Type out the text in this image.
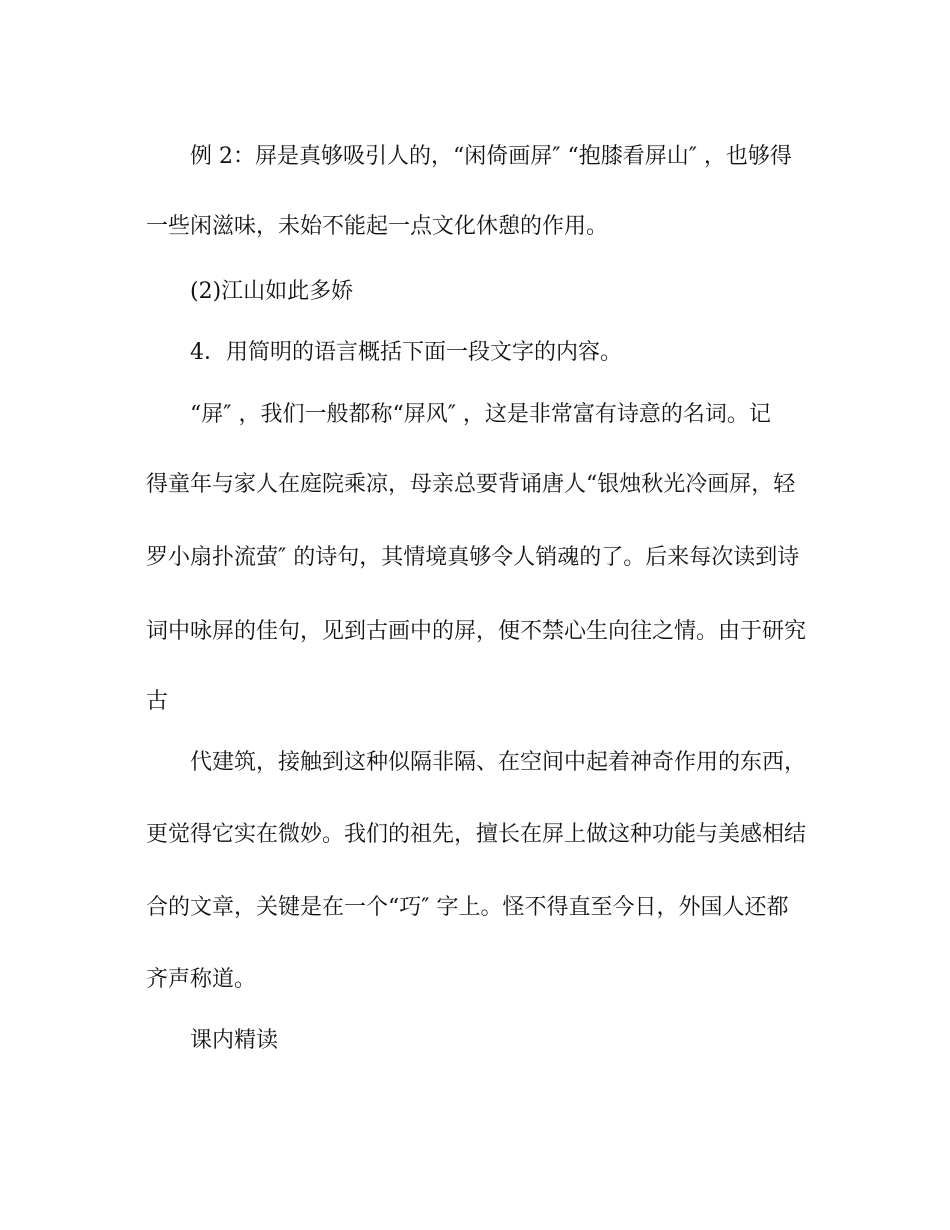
例 2：屏是真够吸引人的，“闲倚画屏″ “抱膝看屏山″ ，也够得

一些闲滋味，未始不能起一点文化休憩的作用。

(2)江山如此多娇

4．用简明的语言概括下面一段文字的内容。

“屏″ ，我们一般都称“屏风″ ，这是非常富有诗意的名词。记

得童年与家人在庭院乘凉，母亲总要背诵唐人“银烛秋光冷画屏，轻

罗小扇扑流萤″ 的诗句，其情境真够令人销魂的了。后来每次读到诗

词中咏屏的佳句，见到古画中的屏，便不禁心生向往之情。由于研究

古

代建筑，接触到这种似隔非隔、在空间中起着神奇作用的东西，

更觉得它实在微妙。我们的祖先，擅长在屏上做这种功能与美感相结

合的文章，关键是在一个“巧″ 字上。怪不得直至今日，外国人还都

齐声称道。

课内精读
